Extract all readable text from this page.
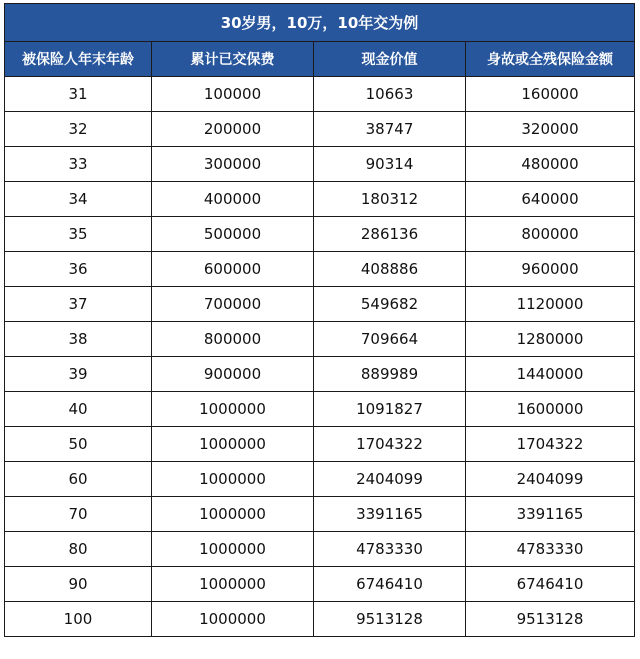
30岁男，10万，10年交为例			
被保险人年末年龄	累计已交保费	现金价值	身故或全残保险金额
31	100000	10663	160000
32	200000	38747	320000
33	300000	90314	480000
34	400000	180312	640000
35	500000	286136	800000
36	600000	408886	960000
37	700000	549682	1120000
38	800000	709664	1280000
39	900000	889989	1440000
40	1000000	1091827	1600000
50	1000000	1704322	1704322
60	1000000	2404099	2404099
70	1000000	3391165	3391165
80	1000000	4783330	4783330
90	1000000	6746410	6746410
100	1000000	9513128	9513128
